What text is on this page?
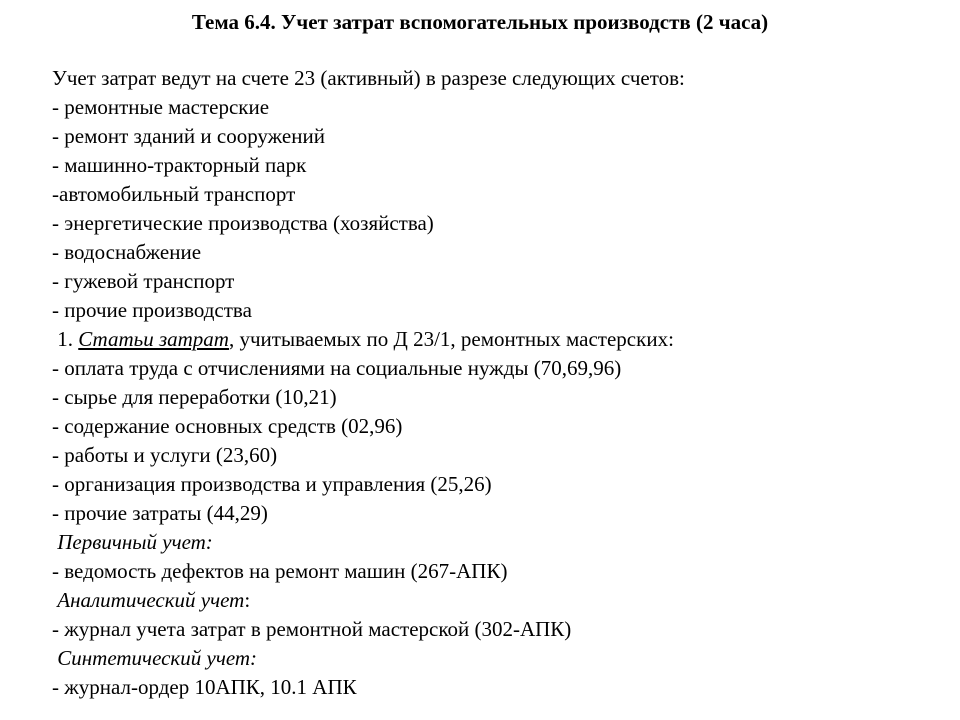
Тема 6.4. Учет затрат вспомогательных производств (2 часа)
Учет затрат ведут на счете 23 (активный) в разрезе следующих счетов:
- ремонтные мастерские
- ремонт зданий и сооружений
- машинно-тракторный парк
-автомобильный транспорт
- энергетические производства (хозяйства)
- водоснабжение
- гужевой транспорт
- прочие производства
1. Статьи затрат, учитываемых по Д 23/1, ремонтных мастерских:
- оплата труда с отчислениями на социальные нужды (70,69,96)
- сырье для переработки (10,21)
- содержание основных средств (02,96)
- работы и услуги (23,60)
- организация производства и управления (25,26)
- прочие затраты (44,29)
Первичный учет:
- ведомость дефектов на ремонт машин (267-АПК)
Аналитический учет:
- журнал учета затрат в ремонтной мастерской (302-АПК)
Синтетический учет:
- журнал-ордер 10АПК, 10.1 АПК
